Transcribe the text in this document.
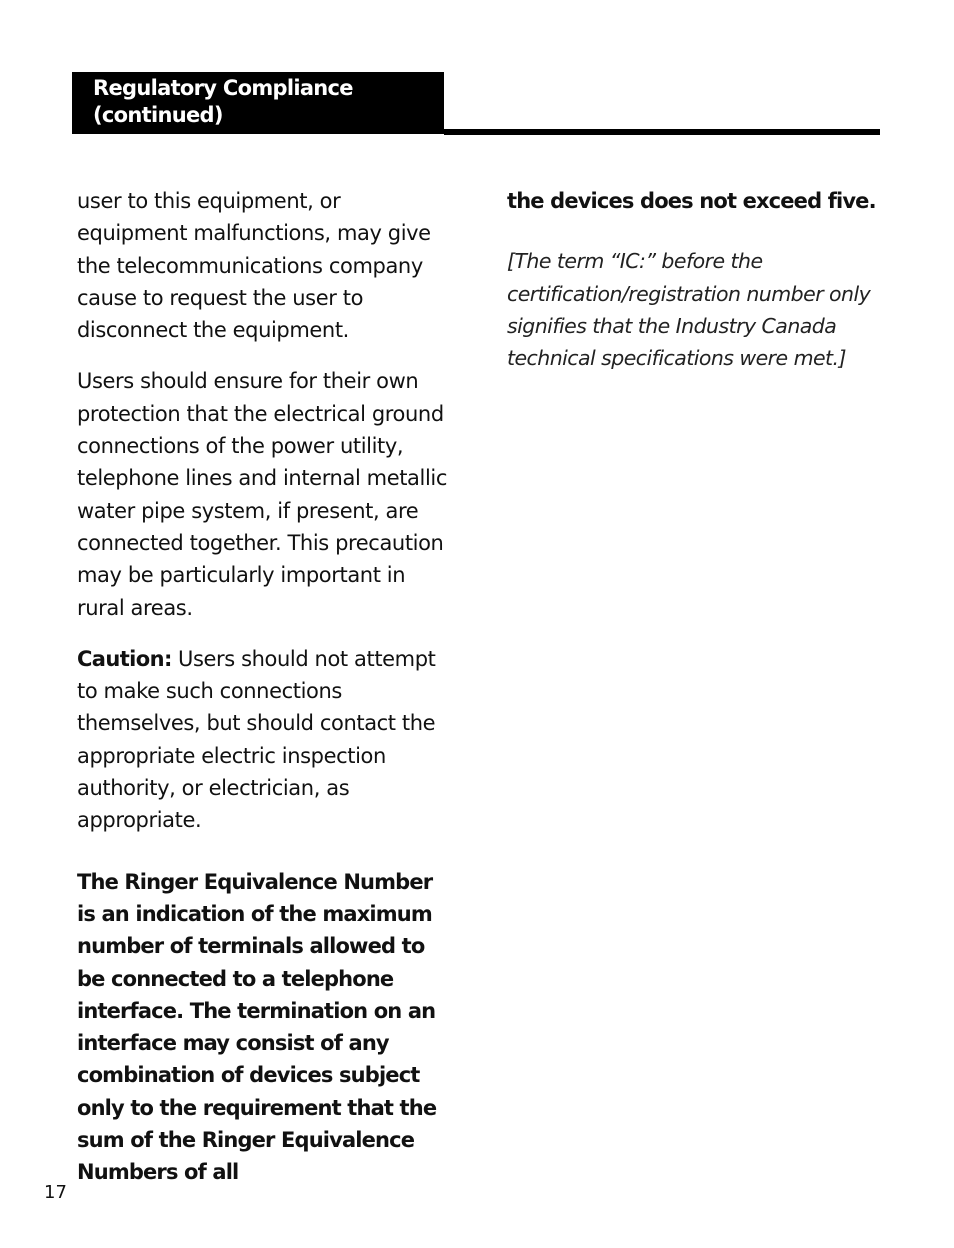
Regulatory Compliance
(continued)

user to this equipment, or equipment malfunctions, may give the telecommunications company cause to request the user to disconnect the equipment.

Users should ensure for their own protection that the electrical ground connections of the power utility, telephone lines and internal metallic water pipe system, if present, are connected together. This precaution may be particularly important in rural areas.

Caution: Users should not attempt to make such connections themselves, but should contact the appropriate electric inspection authority, or electrician, as appropriate.

The Ringer Equivalence Number is an indication of the maximum number of terminals allowed to be connected to a telephone interface. The termination on an interface may consist of any combination of devices subject only to the requirement that the sum of the Ringer Equivalence Numbers of all

the devices does not exceed five.

[The term “IC:” before the certification/registration number only signifies that the Industry Canada technical specifications were met.]

17
